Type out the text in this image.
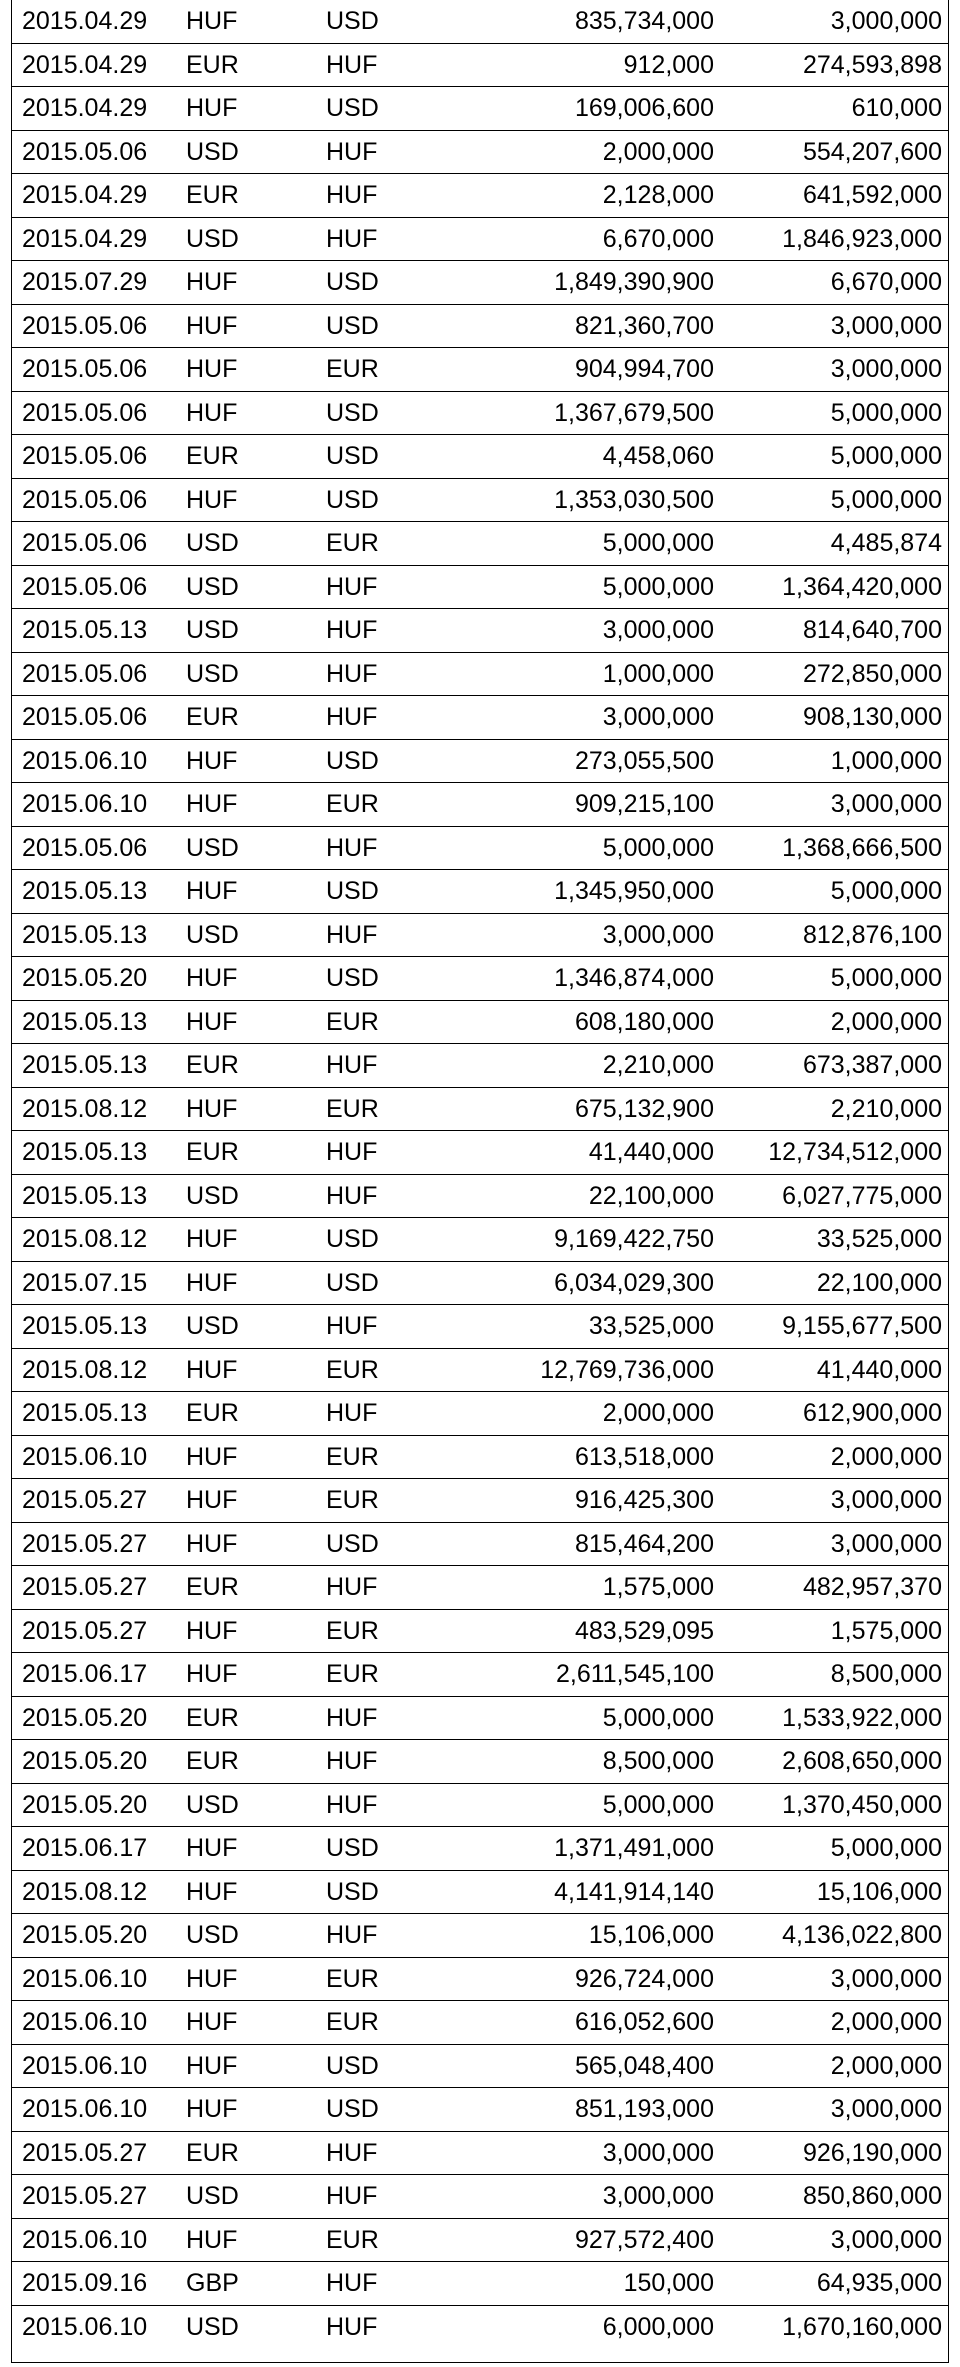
2015.04.29	HUF	USD	835,734,000	3,000,000
2015.04.29	EUR	HUF	912,000	274,593,898
2015.04.29	HUF	USD	169,006,600	610,000
2015.05.06	USD	HUF	2,000,000	554,207,600
2015.04.29	EUR	HUF	2,128,000	641,592,000
2015.04.29	USD	HUF	6,670,000	1,846,923,000
2015.07.29	HUF	USD	1,849,390,900	6,670,000
2015.05.06	HUF	USD	821,360,700	3,000,000
2015.05.06	HUF	EUR	904,994,700	3,000,000
2015.05.06	HUF	USD	1,367,679,500	5,000,000
2015.05.06	EUR	USD	4,458,060	5,000,000
2015.05.06	HUF	USD	1,353,030,500	5,000,000
2015.05.06	USD	EUR	5,000,000	4,485,874
2015.05.06	USD	HUF	5,000,000	1,364,420,000
2015.05.13	USD	HUF	3,000,000	814,640,700
2015.05.06	USD	HUF	1,000,000	272,850,000
2015.05.06	EUR	HUF	3,000,000	908,130,000
2015.06.10	HUF	USD	273,055,500	1,000,000
2015.06.10	HUF	EUR	909,215,100	3,000,000
2015.05.06	USD	HUF	5,000,000	1,368,666,500
2015.05.13	HUF	USD	1,345,950,000	5,000,000
2015.05.13	USD	HUF	3,000,000	812,876,100
2015.05.20	HUF	USD	1,346,874,000	5,000,000
2015.05.13	HUF	EUR	608,180,000	2,000,000
2015.05.13	EUR	HUF	2,210,000	673,387,000
2015.08.12	HUF	EUR	675,132,900	2,210,000
2015.05.13	EUR	HUF	41,440,000	12,734,512,000
2015.05.13	USD	HUF	22,100,000	6,027,775,000
2015.08.12	HUF	USD	9,169,422,750	33,525,000
2015.07.15	HUF	USD	6,034,029,300	22,100,000
2015.05.13	USD	HUF	33,525,000	9,155,677,500
2015.08.12	HUF	EUR	12,769,736,000	41,440,000
2015.05.13	EUR	HUF	2,000,000	612,900,000
2015.06.10	HUF	EUR	613,518,000	2,000,000
2015.05.27	HUF	EUR	916,425,300	3,000,000
2015.05.27	HUF	USD	815,464,200	3,000,000
2015.05.27	EUR	HUF	1,575,000	482,957,370
2015.05.27	HUF	EUR	483,529,095	1,575,000
2015.06.17	HUF	EUR	2,611,545,100	8,500,000
2015.05.20	EUR	HUF	5,000,000	1,533,922,000
2015.05.20	EUR	HUF	8,500,000	2,608,650,000
2015.05.20	USD	HUF	5,000,000	1,370,450,000
2015.06.17	HUF	USD	1,371,491,000	5,000,000
2015.08.12	HUF	USD	4,141,914,140	15,106,000
2015.05.20	USD	HUF	15,106,000	4,136,022,800
2015.06.10	HUF	EUR	926,724,000	3,000,000
2015.06.10	HUF	EUR	616,052,600	2,000,000
2015.06.10	HUF	USD	565,048,400	2,000,000
2015.06.10	HUF	USD	851,193,000	3,000,000
2015.05.27	EUR	HUF	3,000,000	926,190,000
2015.05.27	USD	HUF	3,000,000	850,860,000
2015.06.10	HUF	EUR	927,572,400	3,000,000
2015.09.16	GBP	HUF	150,000	64,935,000
2015.06.10	USD	HUF	6,000,000	1,670,160,000
